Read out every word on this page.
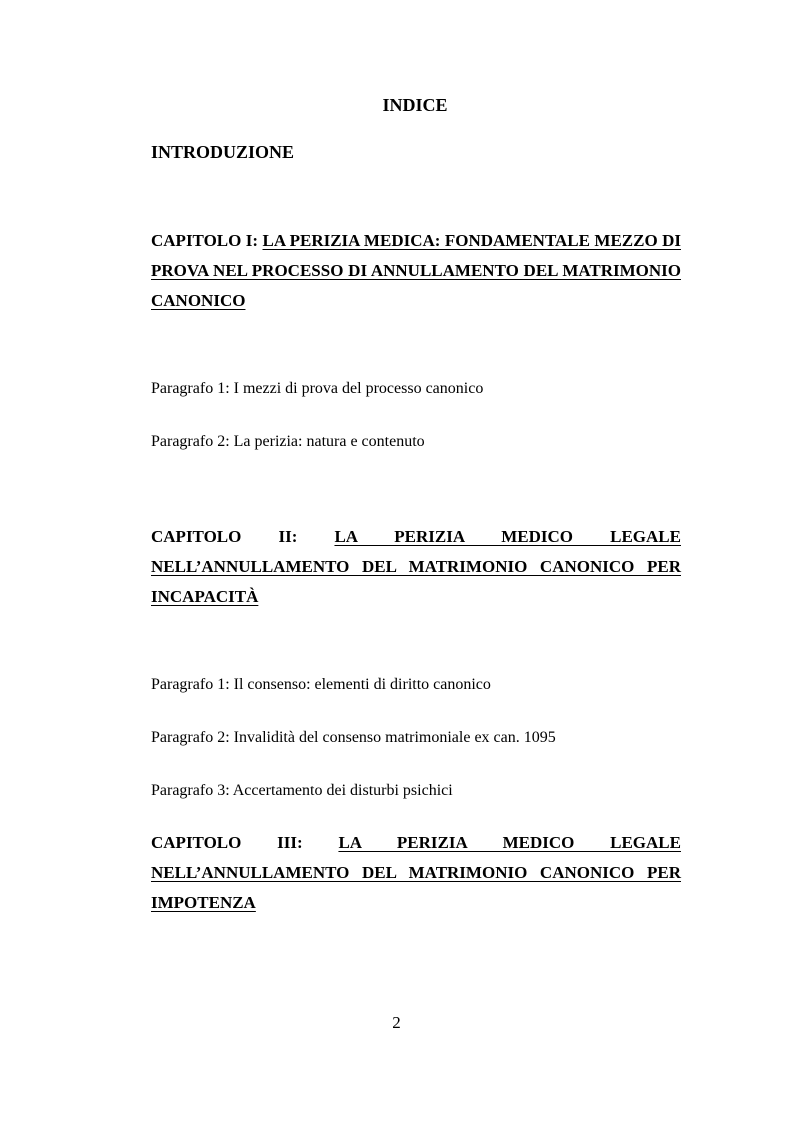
INDICE
INTRODUZIONE
CAPITOLO I: LA PERIZIA MEDICA: FONDAMENTALE MEZZO DI PROVA NEL PROCESSO DI ANNULLAMENTO DEL MATRIMONIO CANONICO
Paragrafo 1: I mezzi di prova del processo canonico
Paragrafo 2: La perizia: natura e contenuto
CAPITOLO II: LA PERIZIA MEDICO LEGALE NELL’ANNULLAMENTO DEL MATRIMONIO CANONICO PER INCAPACITÀ
Paragrafo 1: Il consenso: elementi di diritto canonico
Paragrafo 2: Invalidità del consenso matrimoniale ex can. 1095
Paragrafo 3: Accertamento dei disturbi psichici
CAPITOLO III: LA PERIZIA MEDICO LEGALE NELL’ANNULLAMENTO DEL MATRIMONIO CANONICO PER IMPOTENZA
2
